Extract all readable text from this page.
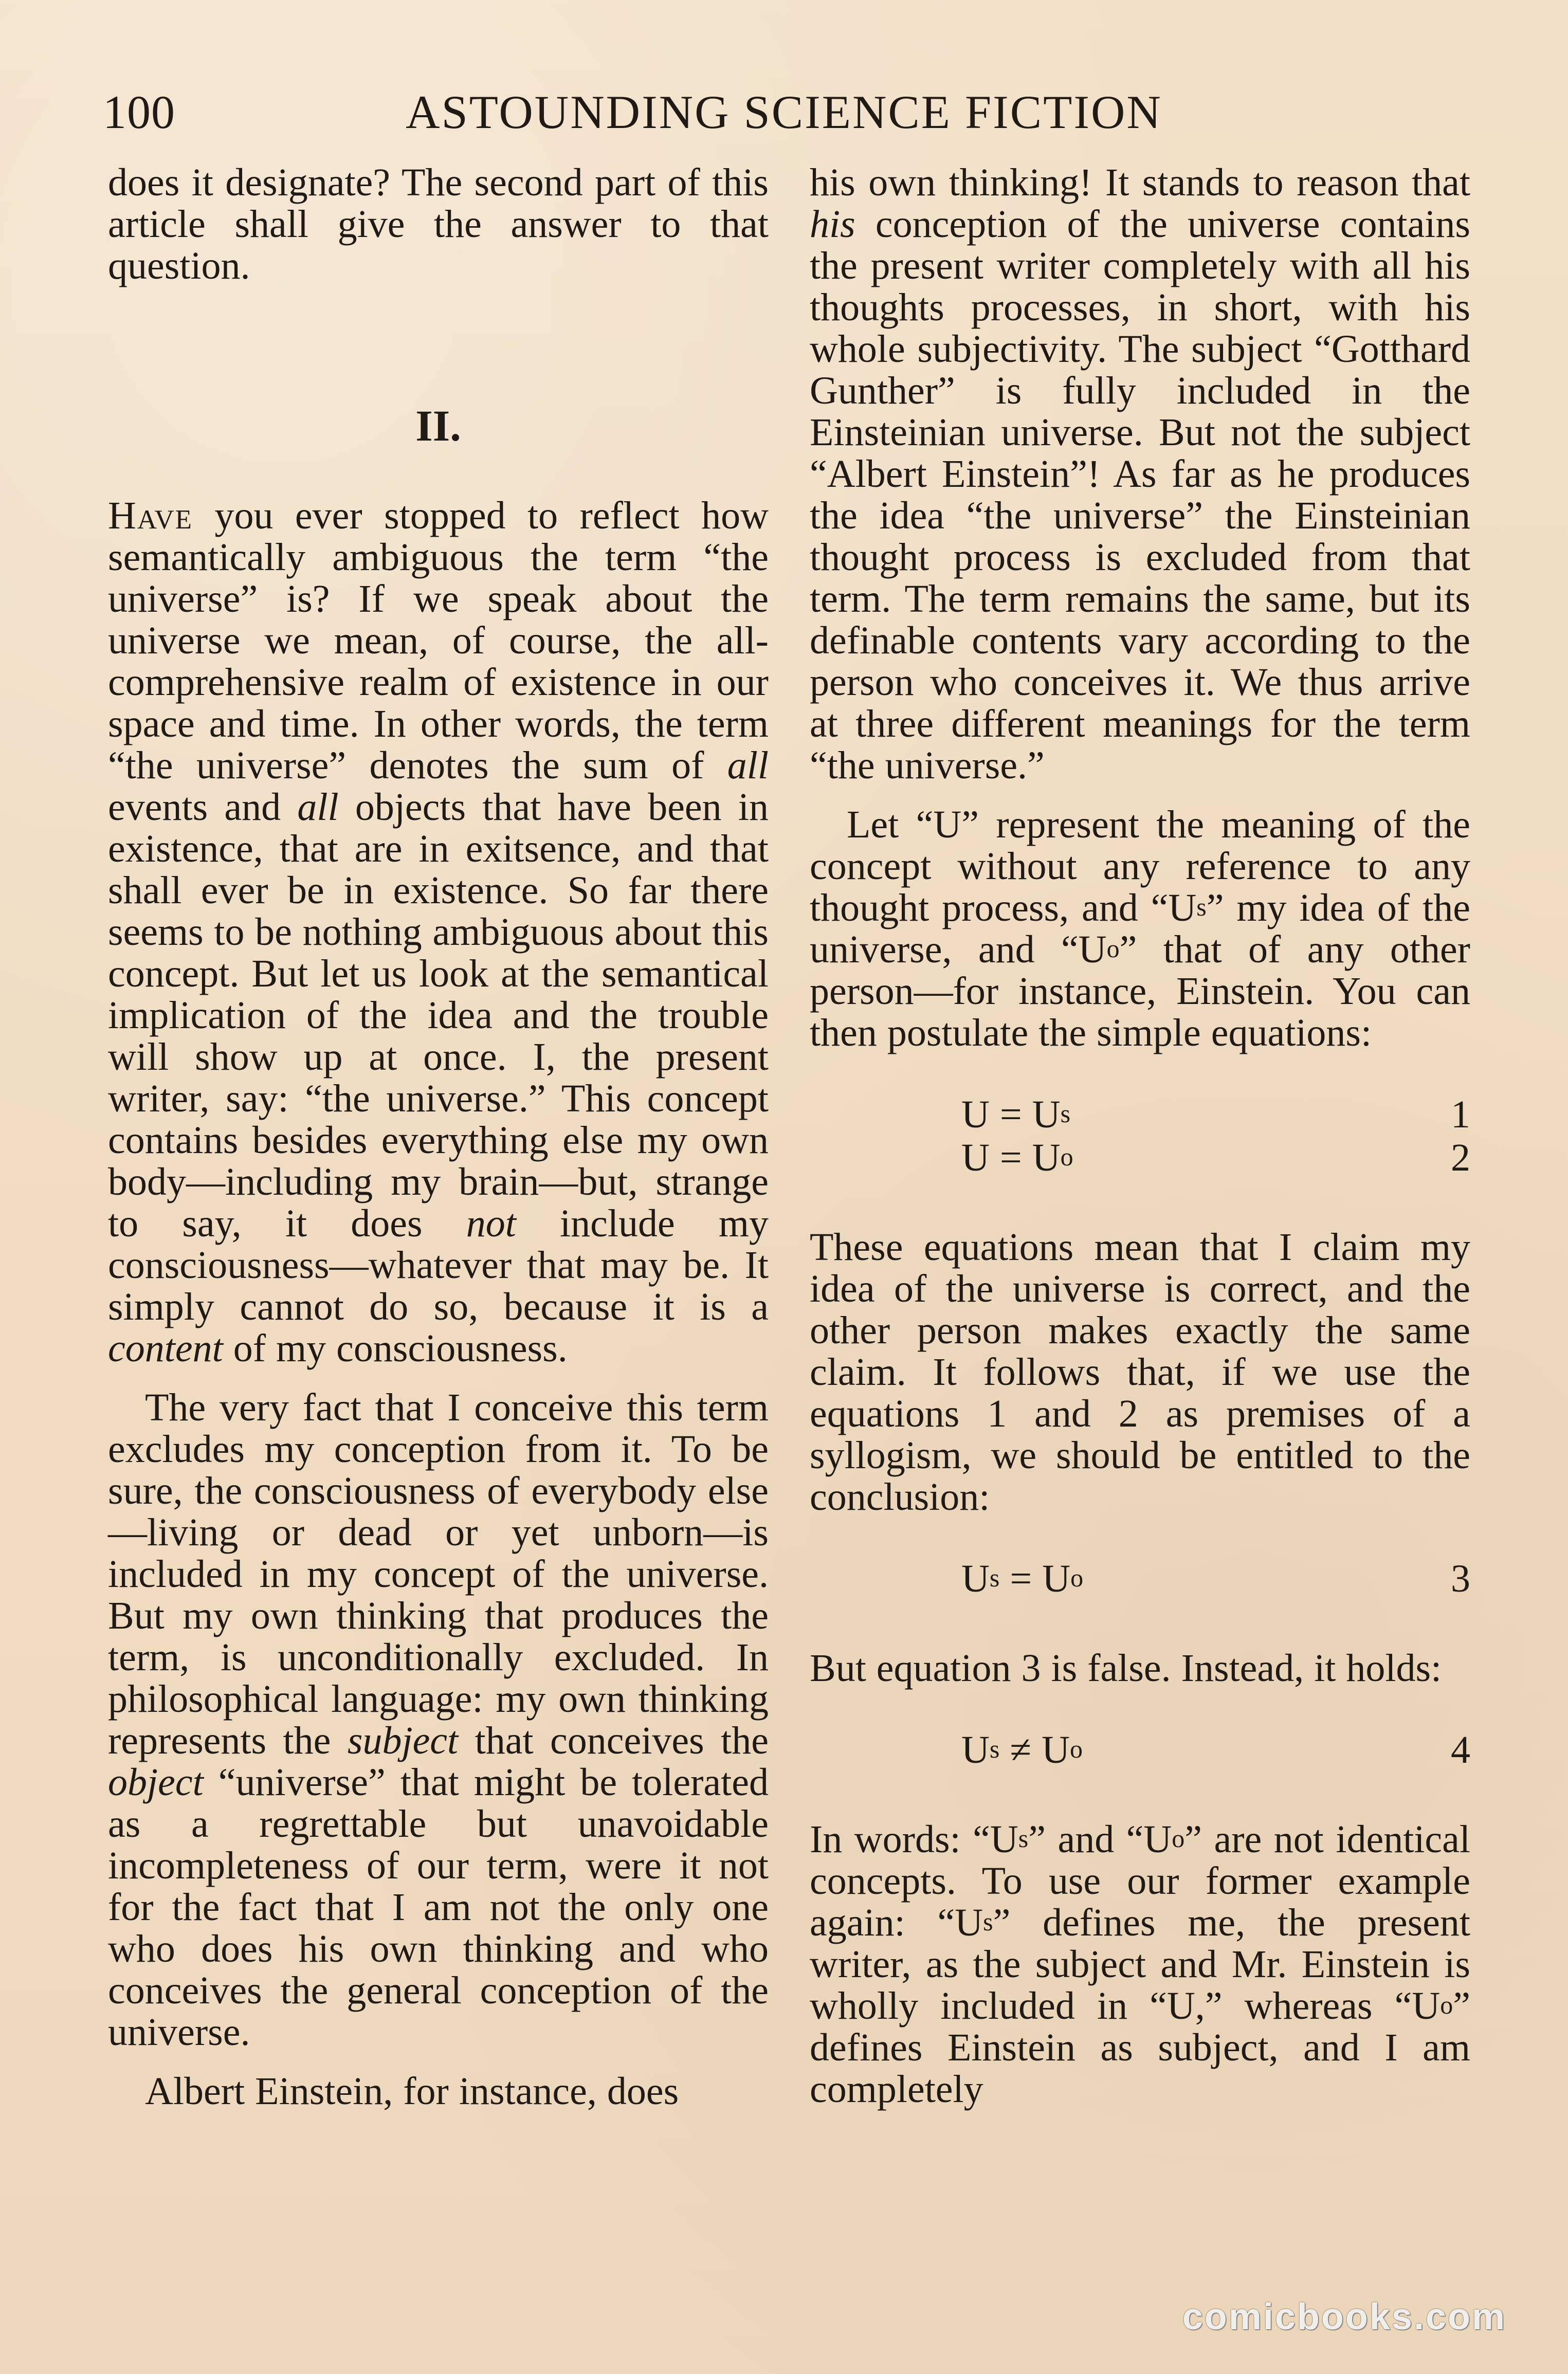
100	ASTOUNDING SCIENCE FICTION

does it designate? The second part of this article shall give the answer to that question.

II.

Have you ever stopped to reflect how semantically ambiguous the term “the universe” is? If we speak about the universe we mean, of course, the all-comprehensive realm of existence in our space and time. In other words, the term “the universe” denotes the sum of all events and all objects that have been in existence, that are in exitsence, and that shall ever be in existence. So far there seems to be nothing ambiguous about this concept. But let us look at the semantical implication of the idea and the trouble will show up at once. I, the present writer, say: “the universe.” This concept contains besides everything else my own body—including my brain—but, strange to say, it does not include my consciousness—whatever that may be. It simply cannot do so, because it is a content of my consciousness.

The very fact that I conceive this term excludes my conception from it. To be sure, the consciousness of everybody else—living or dead or yet unborn—is included in my concept of the universe. But my own thinking that produces the term, is unconditionally excluded. In philosophical language: my own thinking represents the subject that conceives the object “universe” that might be tolerated as a regrettable but unavoidable incompleteness of our term, were it not for the fact that I am not the only one who does his own thinking and who conceives the general conception of the universe.

Albert Einstein, for instance, does

his own thinking! It stands to reason that his conception of the universe contains the present writer completely with all his thoughts processes, in short, with his whole subjectivity. The subject “Gotthard Gunther” is fully included in the Einsteinian universe. But not the subject “Albert Einstein”! As far as he produces the idea “the universe” the Einsteinian thought process is excluded from that term. The term remains the same, but its definable contents vary according to the person who conceives it. We thus arrive at three different meanings for the term “the universe.”

Let “U” represent the meaning of the concept without any reference to any thought process, and “$U^s$” my idea of the universe, and “$U^o$” that of any other person—for instance, Einstein. You can then postulate the simple equations:

$U = U^s$	1
$U = U^o$	2

These equations mean that I claim my idea of the universe is correct, and the other person makes exactly the same claim. It follows that, if we use the equations 1 and 2 as premises of a syllogism, we should be entitled to the conclusion:

$U^s = U^o$	3

But equation 3 is false. Instead, it holds:

$U^s \ne U^o$	4

In words: “$U^s$” and “$U^o$” are not identical concepts. To use our former example again: “$U^s$” defines me, the present writer, as the subject and Mr. Einstein is wholly included in “U,” whereas “$U^o$” defines Einstein as subject, and I am completely

comicbooks.com
